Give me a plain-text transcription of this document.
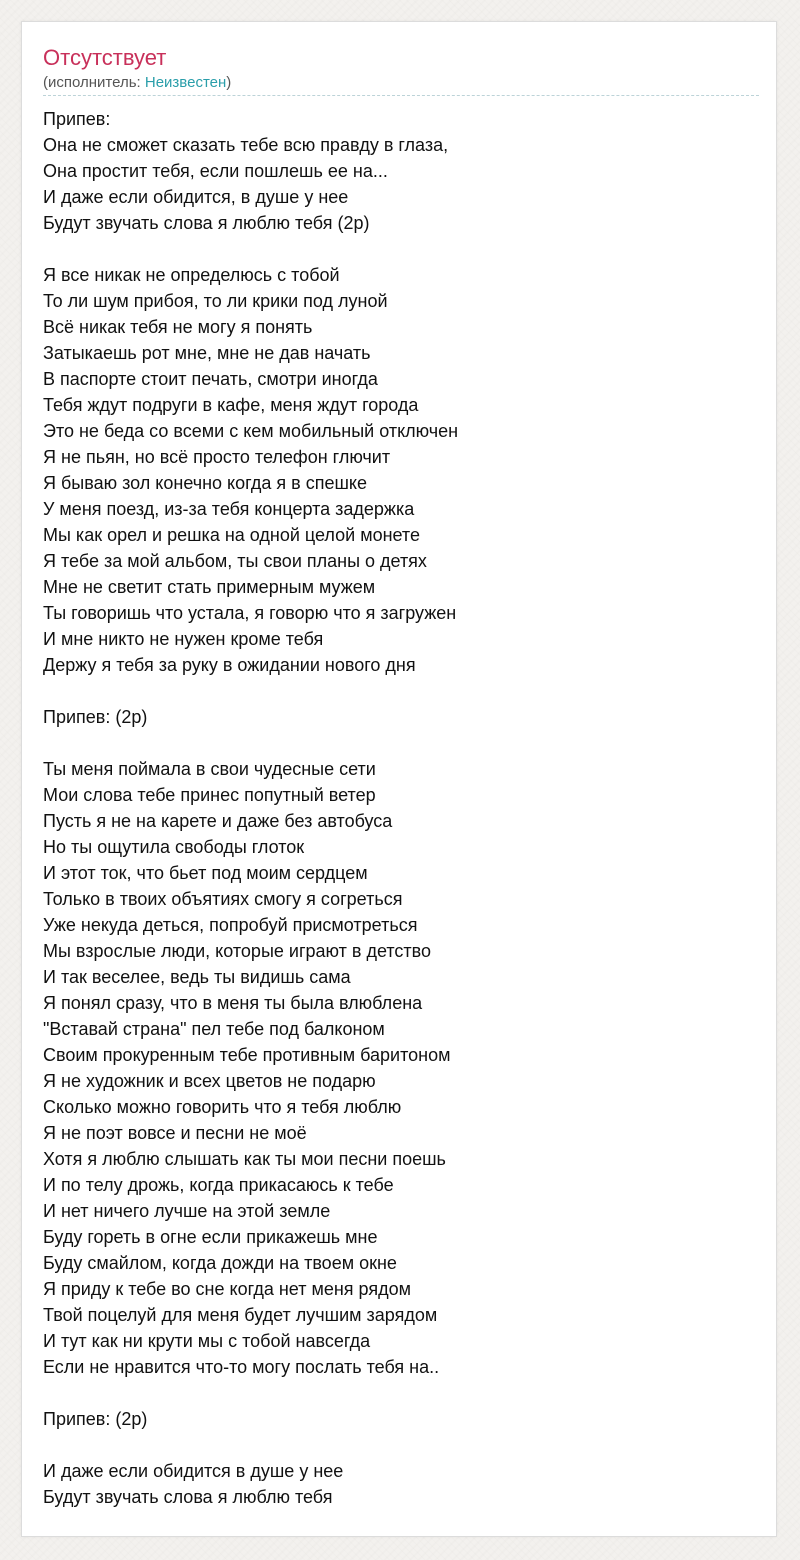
Отсутствует
(исполнитель: Неизвестен)
Припев:
Она не сможет сказать тебе всю правду в глаза,
Она простит тебя, если пошлешь ее на...
И даже если обидится, в душе у нее
Будут звучать слова я люблю тебя (2р)
Я все никак не определюсь с тобой
То ли шум прибоя, то ли крики под луной
Всё никак тебя не могу я понять
Затыкаешь рот мне, мне не дав начать
В паспорте стоит печать, смотри иногда
Тебя ждут подруги в кафе, меня ждут города
Это не беда со всеми с кем мобильный отключен
Я не пьян, но всё просто телефон глючит
Я бываю зол конечно когда я в спешке
У меня поезд, из-за тебя концерта задержка
Мы как орел и решка на одной целой монете
Я тебе за мой альбом, ты свои планы о детях
Мне не светит стать примерным мужем
Ты говоришь что устала, я говорю что я загружен
И мне никто не нужен кроме тебя
Держу я тебя за руку в ожидании нового дня
Припев: (2р)
Ты меня поймала в свои чудесные сети
Мои слова тебе принес попутный ветер
Пусть я не на карете и даже без автобуса
Но ты ощутила свободы глоток
И этот ток, что бьет под моим сердцем
Только в твоих объятиях смогу я согреться
Уже некуда деться, попробуй присмотреться
Мы взрослые люди, которые играют в детство
И так веселее, ведь ты видишь сама
Я понял сразу, что в меня ты была влюблена
"Вставай страна" пел тебе под балконом
Своим прокуренным тебе противным баритоном
Я не художник и всех цветов не подарю
Сколько можно говорить что я тебя люблю
Я не поэт вовсе и песни не моё
Хотя я люблю слышать как ты мои песни поешь
И по телу дрожь, когда прикасаюсь к тебе
И нет ничего лучше на этой земле
Буду гореть в огне если прикажешь мне
Буду смайлом, когда дожди на твоем окне
Я приду к тебе во сне когда нет меня рядом
Твой поцелуй для меня будет лучшим зарядом
И тут как ни крути мы с тобой навсегда
Если не нравится что-то могу послать тебя на..
Припев: (2р)
И даже если обидится в душе у нее
Будут звучать слова я люблю тебя
